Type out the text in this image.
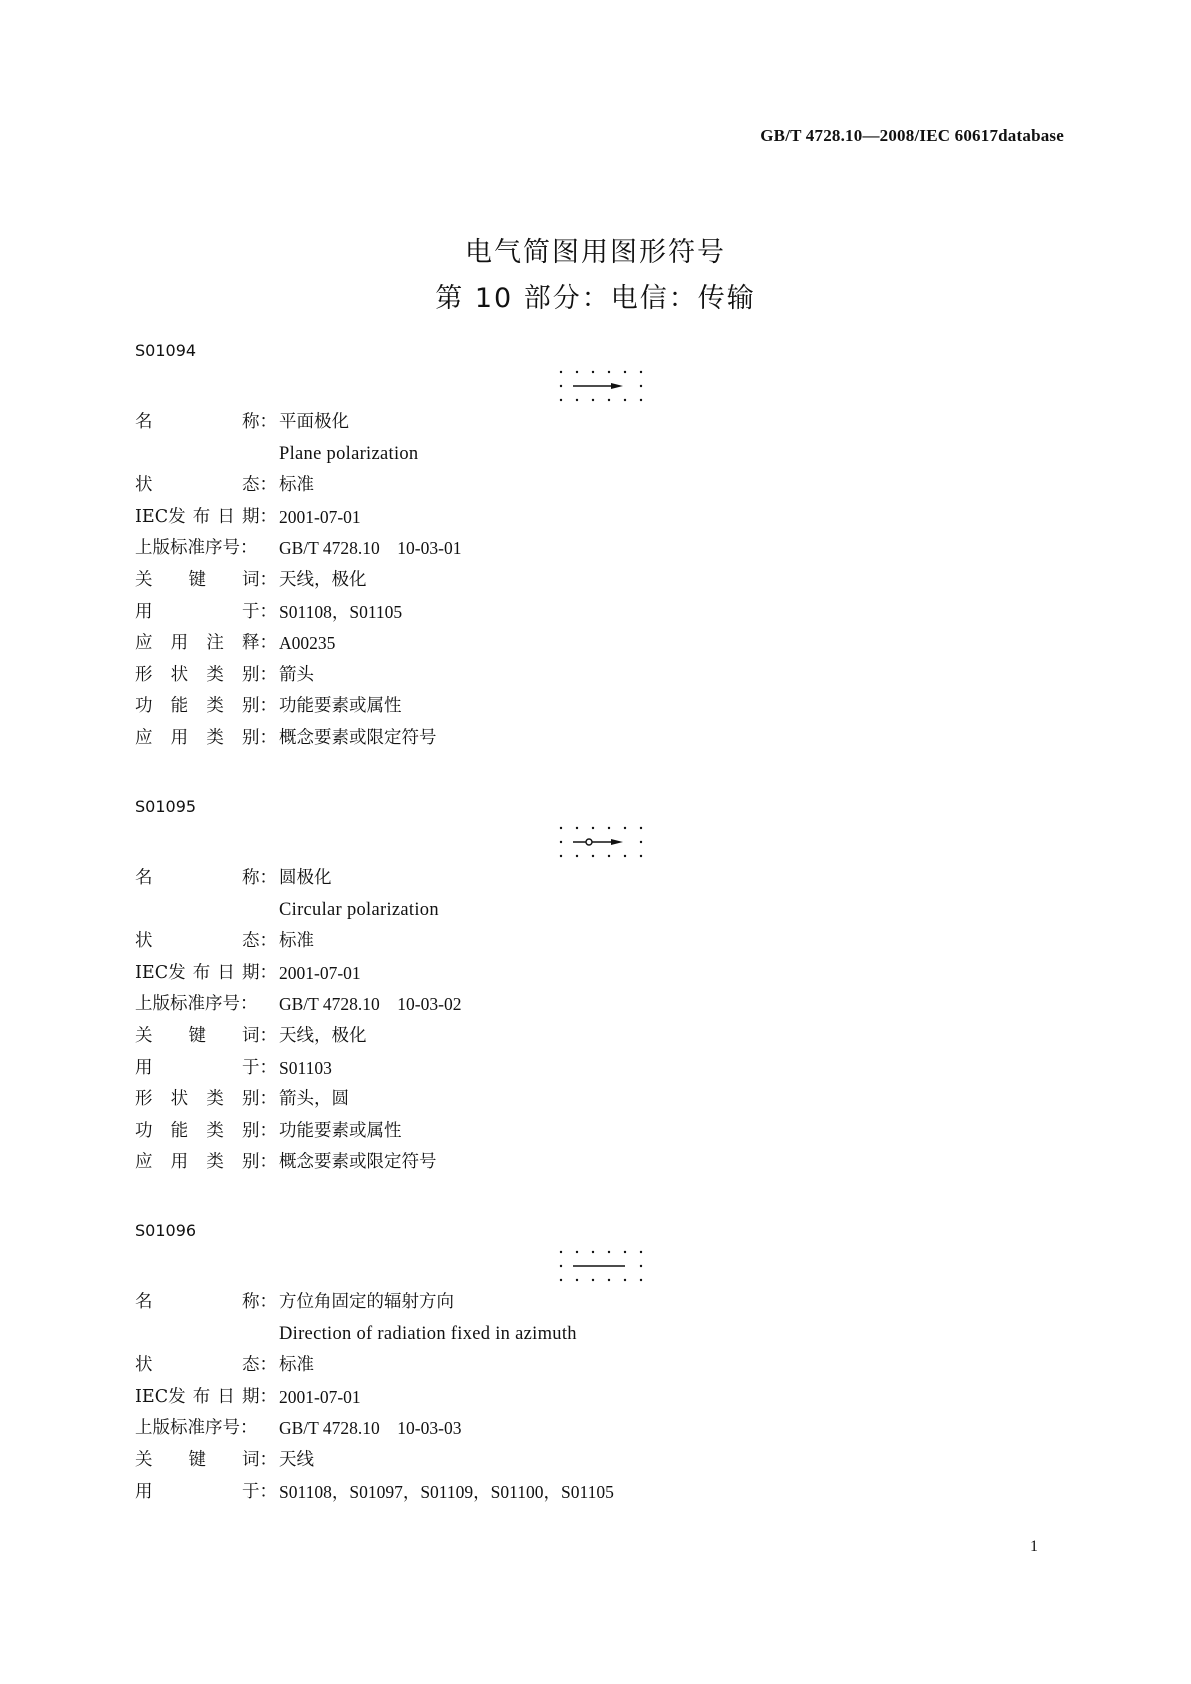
GB/T 4728.10—2008/IEC 60617database
电气简图用图形符号
第 10 部分：电信：传输
S01094
名	称： 平面极化
Plane polarization
状	态： 标准
IEC发 布 日 期： 2001-07-01
上版标准序号： GB/T 4728.10　10-03-01
关 键 词： 天线，极化
用	于： S01108，S01105
应 用 注 释： A00235
形 状 类 别： 箭头
功 能 类 别： 功能要素或属性
应 用 类 别： 概念要素或限定符号
S01095
名	称： 圆极化
Circular polarization
状	态： 标准
IEC发 布 日 期： 2001-07-01
上版标准序号： GB/T 4728.10　10-03-02
关 键 词： 天线，极化
用	于： S01103
形 状 类 别： 箭头，圆
功 能 类 别： 功能要素或属性
应 用 类 别： 概念要素或限定符号
S01096
名	称： 方位角固定的辐射方向
Direction of radiation fixed in azimuth
状	态： 标准
IEC发 布 日 期： 2001-07-01
上版标准序号： GB/T 4728.10　10-03-03
关 键 词： 天线
用	于： S01108，S01097，S01109，S01100，S01105
1
